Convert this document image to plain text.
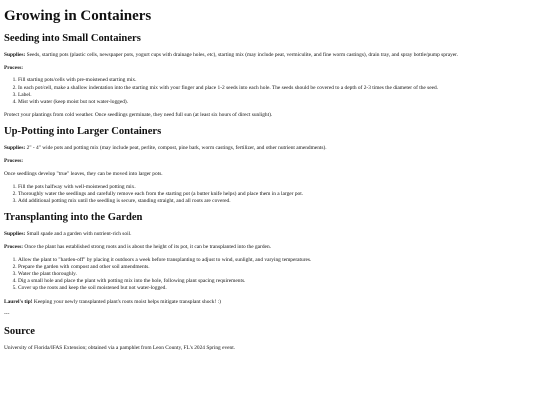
Growing in Containers
Seeding into Small Containers

Supplies: Seeds, starting pots (plastic cells, newspaper pots, yogurt cups with drainage holes, etc), starting mix (may include peat, vermiculite, and fine worm castings), drain tray, and spray bottle/pump sprayer.

Process:

1. Fill starting pots/cells with pre-moistened starting mix.
2. In each pot/cell, make a shallow indentation into the starting mix with your finger and place 1-2 seeds into each hole. The seeds should be covered to a depth of 2-3 times the diameter of the seed.
3. Label.
4. Mist with water (keep moist but not water-logged).

Protect your plantings from cold weather. Once seedlings germinate, they need full sun (at least six hours of direct sunlight).

Up-Potting into Larger Containers

Supplies: 2" - 4" wide pots and potting mix (may include peat, perlite, compost, pine bark, worm castings, fertilizer, and other nutrient amendments).

Process:

Once seedlings develop "true" leaves, they can be moved into larger pots.

1. Fill the pots halfway with well-moistened potting mix.
2. Thoroughly water the seedlings and carefully remove each from the starting pot (a butter knife helps) and place them in a larger pot.
3. Add additional potting mix until the seedling is secure, standing straight, and all roots are covered.
Transplanting into the Garden

Supplies: Small spade and a garden with nutrient-rich soil.

Process: Once the plant has established strong roots and is about the height of its pot, it can be transplanted into the garden.

1. Allow the plant to "harden-off" by placing it outdoors a week before transplanting to adjust to wind, sunlight, and varying temperatures.
2. Prepare the garden with compost and other soil amendments.
3. Water the plant thoroughly.
4. Dig a small hole and place the plant with potting mix into the hole, following plant spacing requirements.
5. Cover up the roots and keep the soil moistened but not water-logged.

Laurel's tip! Keeping your newly transplanted plant's roots moist helps mitigate transplant shock! :)

---
Source

University of Florida/IFAS Extension; obtained via a pamphlet from Leon County, FL's 2024 Spring event.
